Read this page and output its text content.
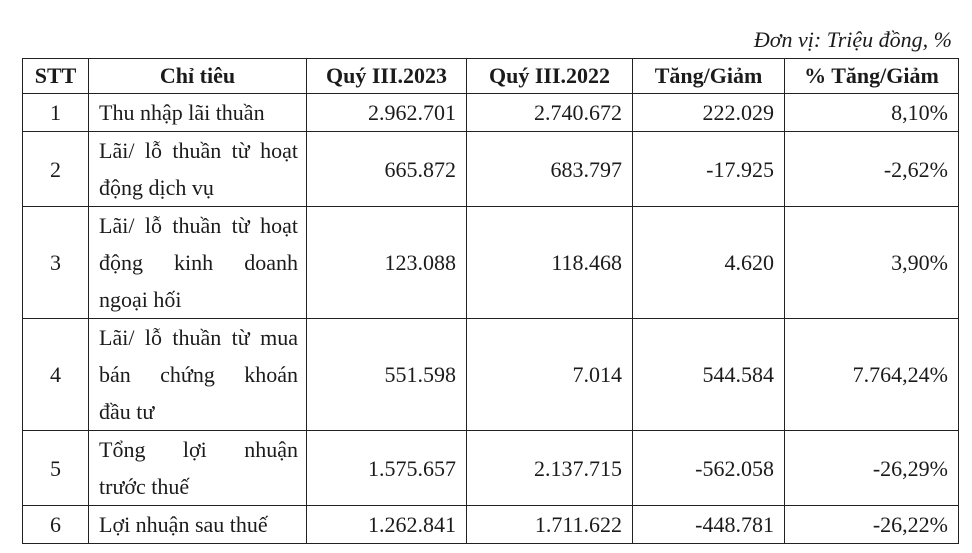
Đơn vị: Triệu đồng, %
STT	Chỉ tiêu	Quý III.2023	Quý III.2022	Tăng/Giảm	% Tăng/Giảm
1	Thu nhập lãi thuần	2.962.701	2.740.672	222.029	8,10%
2	Lãi/ lỗ thuần từ hoạt
động dịch vụ	665.872	683.797	-17.925	-2,62%
3	Lãi/ lỗ thuần từ hoạt
động kinh doanh
ngoại hối	123.088	118.468	4.620	3,90%
4	Lãi/ lỗ thuần từ mua
bán chứng khoán
đầu tư	551.598	7.014	544.584	7.764,24%
5	Tổng lợi nhuận
trước thuế	1.575.657	2.137.715	-562.058	-26,29%
6	Lợi nhuận sau thuế	1.262.841	1.711.622	-448.781	-26,22%
